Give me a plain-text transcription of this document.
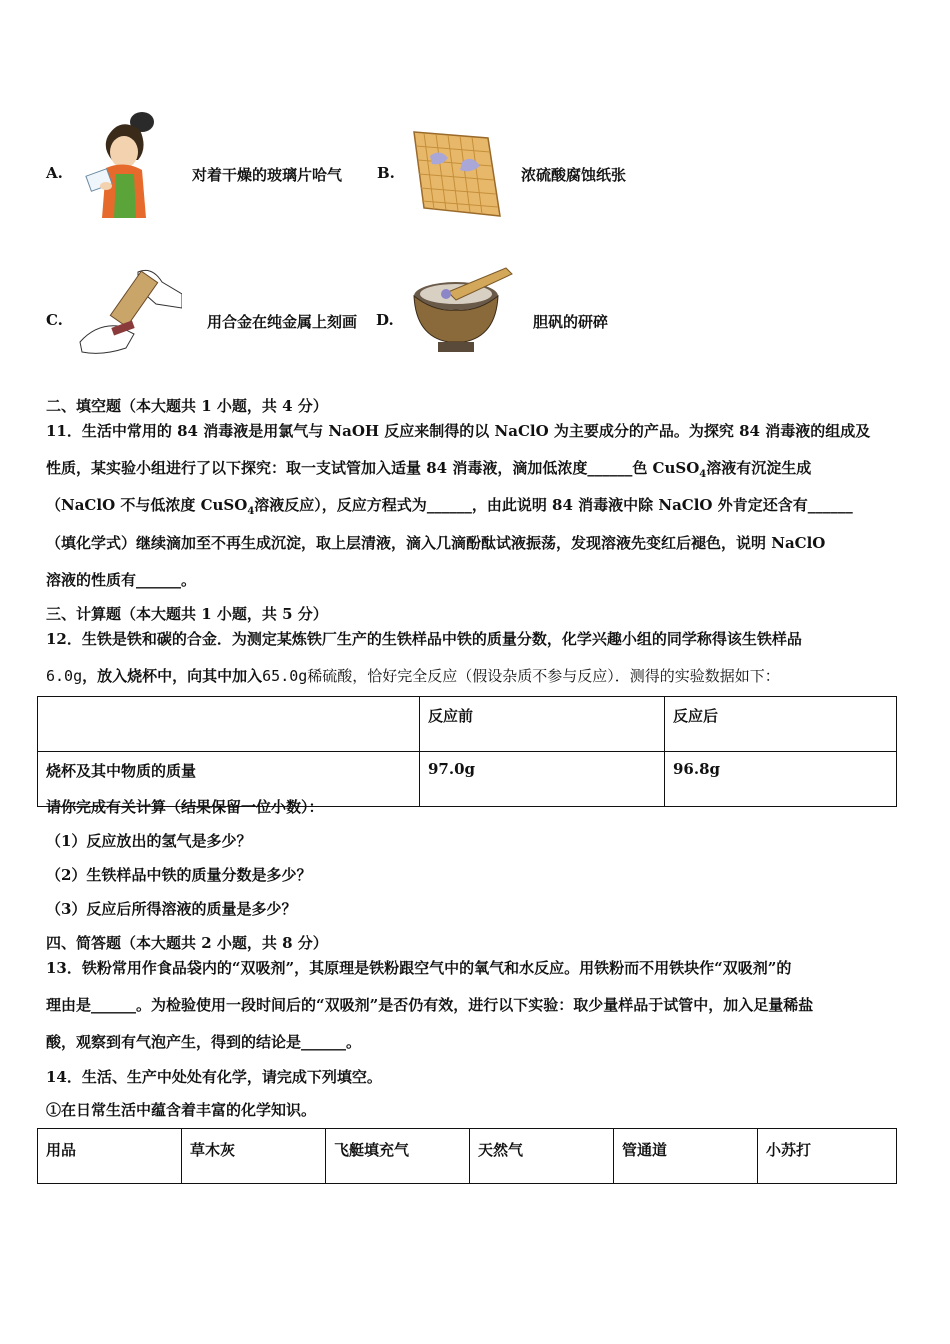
A.	对着干燥的玻璃片哈气 B.	浓硫酸腐蚀纸张
C.	用合金在纯金属上刻画 D.	胆矾的研碎
二、填空题（本大题共 1 小题，共 4 分）
11．生活中常用的 84 消毒液是用氯气与 NaOH 反应来制得的以 NaClO 为主要成分的产品。为探究 84 消毒液的组成及
性质，某实验小组进行了以下探究：取一支试管加入适量 84 消毒液，滴加低浓度______色 CuSO$_4$溶液有沉淀生成
（NaClO 不与低浓度 CuSO$_4$溶液反应），反应方程式为______，由此说明 84 消毒液中除 NaClO 外肯定还含有______
（填化学式）继续滴加至不再生成沉淀，取上层清液，滴入几滴酚酞试液振荡，发现溶液先变红后褪色，说明 NaClO
溶液的性质有______。
三、计算题（本大题共 1 小题，共 5 分）
12．生铁是铁和碳的合金．为测定某炼铁厂生产的生铁样品中铁的质量分数，化学兴趣小组的同学称得该生铁样品
6.0g，放入烧杯中，向其中加入65.0g稀硫酸，恰好完全反应（假设杂质不参与反应）．测得的实验数据如下：
	反应前	反应后
烧杯及其中物质的质量	97.0g	96.8g
请你完成有关计算（结果保留一位小数）：
（1）反应放出的氢气是多少？
（2）生铁样品中铁的质量分数是多少？
（3）反应后所得溶液的质量是多少？
四、简答题（本大题共 2 小题，共 8 分）
13．铁粉常用作食品袋内的“双吸剂”，其原理是铁粉跟空气中的氧气和水反应。用铁粉而不用铁块作“双吸剂”的
理由是______。为检验使用一段时间后的“双吸剂”是否仍有效，进行以下实验：取少量样品于试管中，加入足量稀盐
酸，观察到有气泡产生，得到的结论是______。
14．生活、生产中处处有化学，请完成下列填空。
①在日常生活中蕴含着丰富的化学知识。
用品	草木灰	飞艇填充气	天然气	管通道	小苏打
